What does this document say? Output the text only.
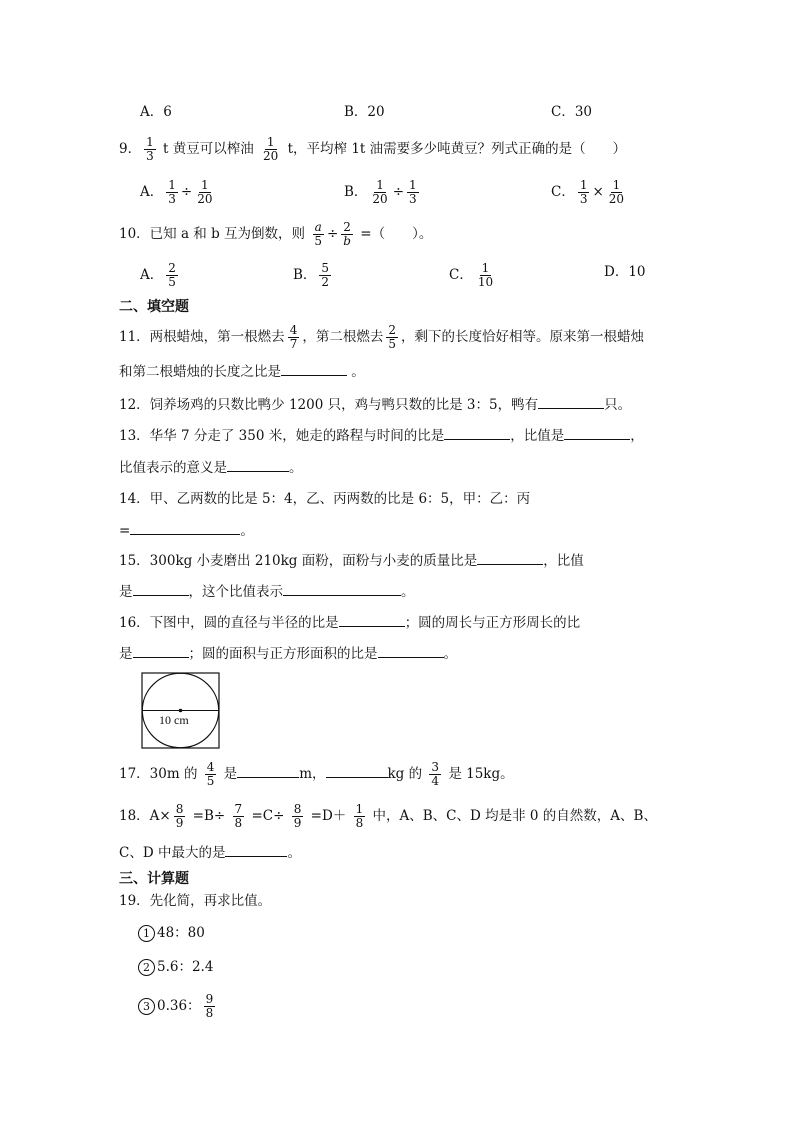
A．6	B．20	C．30
9． $\frac{1}{3}$ t 黄豆可以榨油 $\frac{1}{20}$ t，平均榨 1t 油需要多少吨黄豆？列式正确的是（　　）
A． $\frac{1}{3} \div \frac{1}{20}$	B． $\frac{1}{20} \div \frac{1}{3}$	C． $\frac{1}{3} \times \frac{1}{20}$
10．已知 a 和 b 互为倒数，则 $\frac{a}{5} \div \frac{2}{b}$ =（　　）。
A． $\frac{2}{5}$	B． $\frac{5}{2}$	C． $\frac{1}{10}$	D．10
二、填空题
11．两根蜡烛，第一根燃去 $\frac{4}{7}$ ，第二根燃去 $\frac{2}{5}$ ，剩下的长度恰好相等。原来第一根蜡烛
和第二根蜡烛的长度之比是	。
12．饲养场鸡的只数比鸭少 1200 只，鸡与鸭只数的比是 3：5，鸭有	只。
13．华华 7 分走了 350 米，她走的路程与时间的比是	，比值是	，
比值表示的意义是	。
14．甲、乙两数的比是 5：4，乙、丙两数的比是 6：5，甲：乙：丙
=	。
15．300kg 小麦磨出 210kg 面粉，面粉与小麦的质量比是	，比值
是	，这个比值表示	。
16．下图中，圆的直径与半径的比是	；圆的周长与正方形周长的比
是	；圆的面积与正方形面积的比是	。
10 cm
17．30m 的 $\frac{4}{5}$ 是	m，	kg 的 $\frac{3}{4}$ 是 15kg。
18．$A\times \frac{8}{9} =B\div \frac{7}{8} =C\div \frac{8}{9} =D+ \frac{1}{8}$ 中，A、B、C、D 均是非 0 的自然数，A、B、
C、D 中最大的是	。
三、计算题
19．先化简，再求比值。
1 48：80
2 5.6：2.4
3 0.36： $\frac{9}{8}$
